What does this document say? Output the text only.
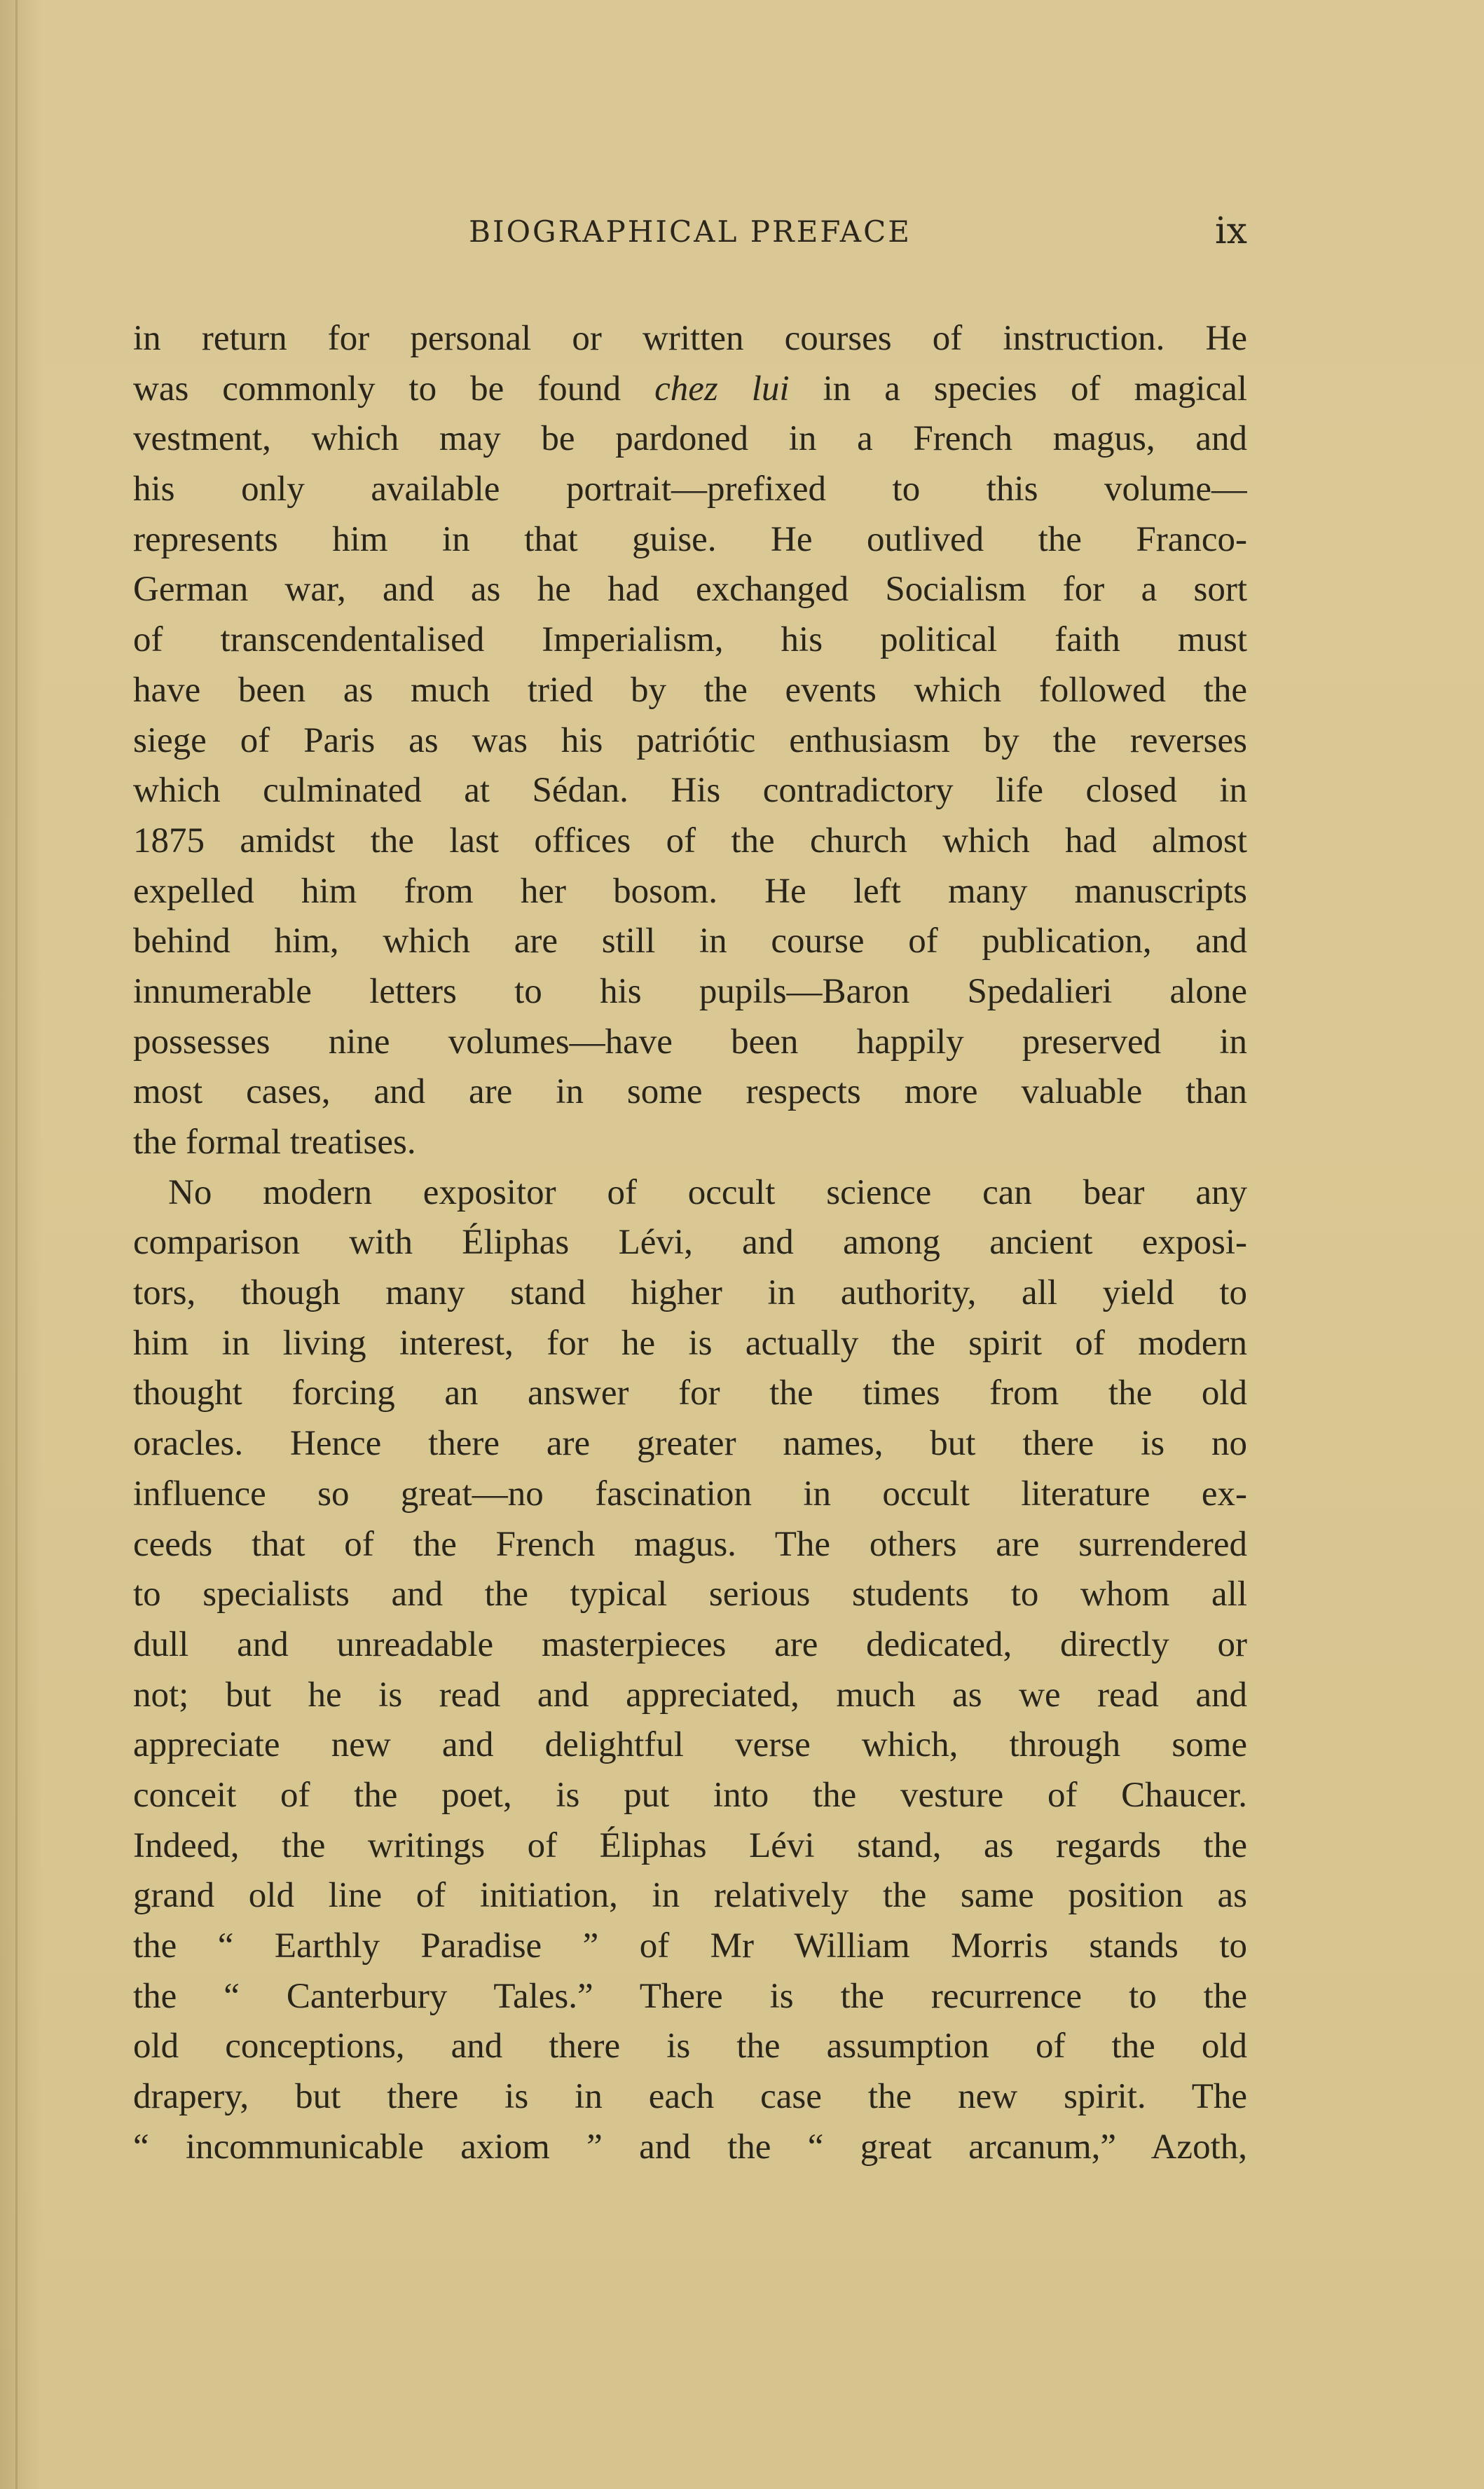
BIOGRAPHICAL PREFACE	ix
in return for personal or written courses of instruction. He
was commonly to be found chez lui in a species of magical
vestment, which may be pardoned in a French magus, and
his only available portrait—prefixed to this volume—
represents him in that guise. He outlived the Franco-
German war, and as he had exchanged Socialism for a sort
of transcendentalised Imperialism, his political faith must
have been as much tried by the events which followed the
siege of Paris as was his patriótic enthusiasm by the reverses
which culminated at Sédan. His contradictory life closed in
1875 amidst the last offices of the church which had almost
expelled him from her bosom. He left many manuscripts
behind him, which are still in course of publication, and
innumerable letters to his pupils—Baron Spedalieri alone
possesses nine volumes—have been happily preserved in
most cases, and are in some respects more valuable than
the formal treatises.
No modern expositor of occult science can bear any
comparison with Éliphas Lévi, and among ancient exposi-
tors, though many stand higher in authority, all yield to
him in living interest, for he is actually the spirit of modern
thought forcing an answer for the times from the old
oracles. Hence there are greater names, but there is no
influence so great—no fascination in occult literature ex-
ceeds that of the French magus. The others are surrendered
to specialists and the typical serious students to whom all
dull and unreadable masterpieces are dedicated, directly or
not; but he is read and appreciated, much as we read and
appreciate new and delightful verse which, through some
conceit of the poet, is put into the vesture of Chaucer.
Indeed, the writings of Éliphas Lévi stand, as regards the
grand old line of initiation, in relatively the same position as
the “ Earthly Paradise ” of Mr William Morris stands to
the “ Canterbury Tales.” There is the recurrence to the
old conceptions, and there is the assumption of the old
drapery, but there is in each case the new spirit. The
“ incommunicable axiom ” and the “ great arcanum,” Azoth,
